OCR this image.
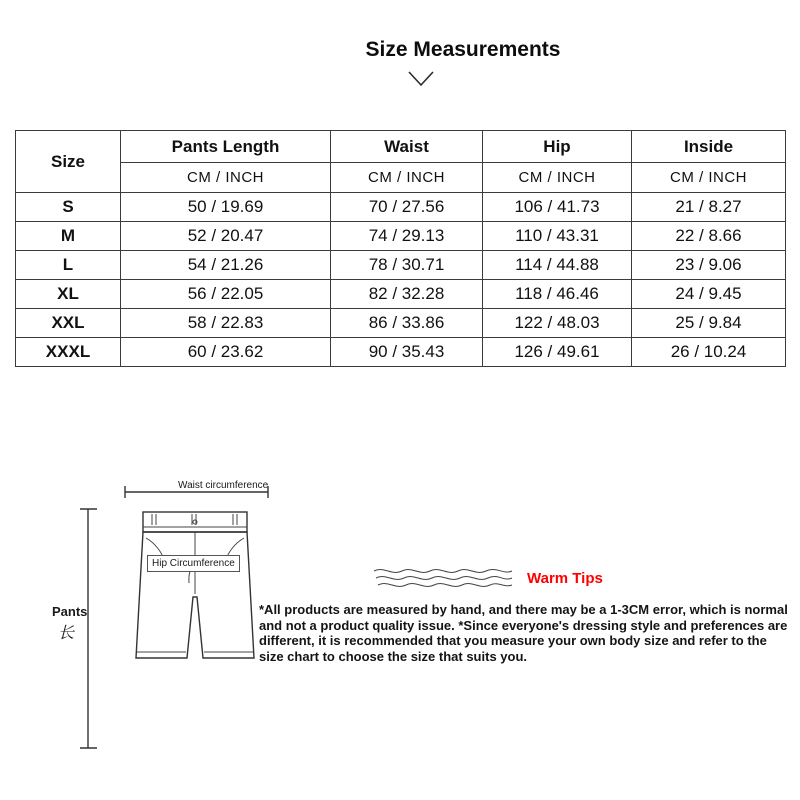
Size Measurements
Size	Pants Length	Waist	Hip	Inside
	CM / INCH	CM / INCH	CM / INCH	CM / INCH
S	50 / 19.69	70 / 27.56	106 / 41.73	21 / 8.27
M	52 / 20.47	74 / 29.13	110 / 43.31	22 / 8.66
L	54 / 21.26	78 / 30.71	114 / 44.88	23 / 9.06
XL	56 / 22.05	82 / 32.28	118 / 46.46	24 / 9.45
XXL	58 / 22.83	86 / 33.86	122 / 48.03	25 / 9.84
XXXL	60 / 23.62	90 / 35.43	126 / 49.61	26 / 10.24
Waist circumference
Hip Circumference
Pants
长
Warm Tips
*All products are measured by hand, and there may be a 1-3CM error, which is normal and not a product quality issue. *Since everyone's dressing style and preferences are different, it is recommended that you measure your own body size and refer to the size chart to choose the size that suits you.
